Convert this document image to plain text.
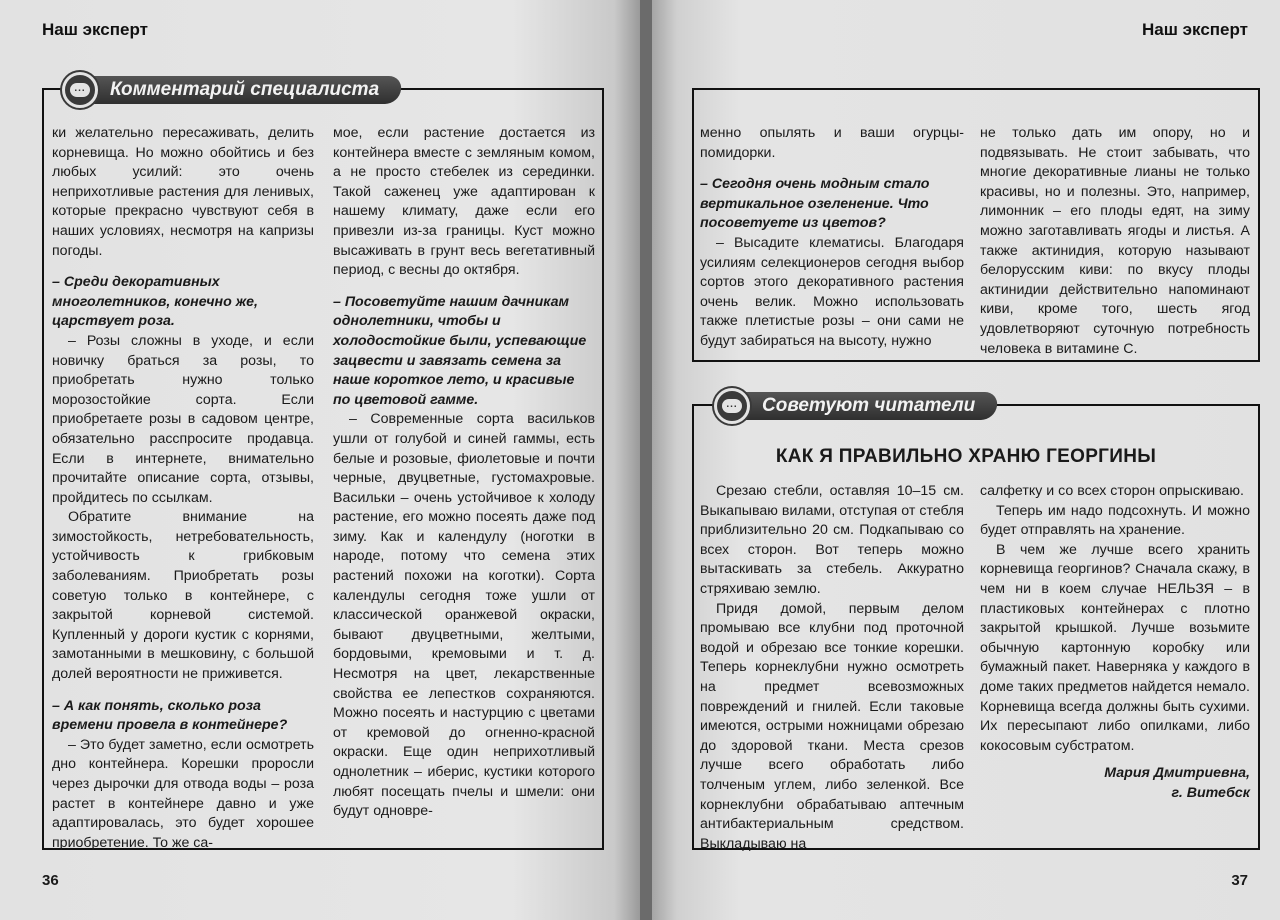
Наш эксперт
... Комментарий специалиста

ки желательно пересаживать, делить корневища. Но можно обойтись и без любых усилий: это очень неприхотливые растения для ленивых, которые прекрасно чувствуют себя в наших условиях, несмотря на капризы погоды.

– Среди декоративных многолетников, конечно же, царствует роза.

– Розы сложны в уходе, и если новичку браться за розы, то приобретать нужно только морозостойкие сорта. Если приобретаете розы в садовом центре, обязательно расспросите продавца. Если в интернете, внимательно прочитайте описание сорта, отзывы, пройдитесь по ссылкам.

Обратите внимание на зимостойкость, нетребовательность, устойчивость к грибковым заболеваниям. Приобретать розы советую только в контейнере, с закрытой корневой системой. Купленный у дороги кустик с корнями, замотанными в мешковину, с большой долей вероятности не приживется.

– А как понять, сколько роза времени провела в контейнере?

– Это будет заметно, если осмотреть дно контейнера. Корешки проросли через дырочки для отвода воды – роза растет в контейнере давно и уже адаптировалась, это будет хорошее приобретение. То же са-

мое, если растение достается из контейнера вместе с земляным комом, а не просто стебелек из серединки. Такой саженец уже адаптирован к нашему климату, даже если его привезли из-за границы. Куст можно высаживать в грунт весь вегетативный период, с весны до октября.

– Посоветуйте нашим дачникам однолетники, чтобы и холодостойкие были, успевающие зацвести и завязать семена за наше короткое лето, и красивые по цветовой гамме.

– Современные сорта васильков ушли от голубой и синей гаммы, есть белые и розовые, фиолетовые и почти черные, двуцветные, густомахровые. Васильки – очень устойчивое к холоду растение, его можно посеять даже под зиму. Как и календулу (ноготки в народе, потому что семена этих растений похожи на коготки). Сорта календулы сегодня тоже ушли от классической оранжевой окраски, бывают двуцветными, желтыми, бордовыми, кремовыми и т. д. Несмотря на цвет, лекарственные свойства ее лепестков сохраняются. Можно посеять и настурцию с цветами от кремовой до огненно-красной окраски. Еще один неприхотливый однолетник – иберис, кустики которого любят посещать пчелы и шмели: они будут одновре-

36
Наш эксперт

менно опылять и ваши огурцы-помидорки.

– Сегодня очень модным стало вертикальное озеленение. Что посоветуете из цветов?

– Высадите клематисы. Благодаря усилиям селекционеров сегодня выбор сортов этого декоративного растения очень велик. Можно использовать также плетистые розы – они сами не будут забираться на высоту, нужно

не только дать им опору, но и подвязывать. Не стоит забывать, что многие декоративные лианы не только красивы, но и полезны. Это, например, лимонник – его плоды едят, на зиму можно заготавливать ягоды и листья. А также актинидия, которую называют белорусским киви: по вкусу плоды актинидии действительно напоминают киви, кроме того, шесть ягод удовлетворяют суточную потребность человека в витамине С.

... Советуют читатели
КАК Я ПРАВИЛЬНО ХРАНЮ ГЕОРГИНЫ

Срезаю стебли, оставляя 10–15 см. Выкапываю вилами, отступая от стебля приблизительно 20 см. Подкапываю со всех сторон. Вот теперь можно вытаскивать за стебель. Аккуратно стряхиваю землю.

Придя домой, первым делом промываю все клубни под проточной водой и обрезаю все тонкие корешки. Теперь корнеклубни нужно осмотреть на предмет всевозможных повреждений и гнилей. Если таковые имеются, острыми ножницами обрезаю до здоровой ткани. Места срезов лучше всего обработать либо толченым углем, либо зеленкой. Все корнеклубни обрабатываю аптечным антибактериальным средством. Выкладываю на

салфетку и со всех сторон опрыскиваю.

Теперь им надо подсохнуть. И можно будет отправлять на хранение.

В чем же лучше всего хранить корневища георгинов? Сначала скажу, в чем ни в коем случае НЕЛЬЗЯ – в пластиковых контейнерах с плотно закрытой крышкой. Лучше возьмите обычную картонную коробку или бумажный пакет. Наверняка у каждого в доме таких предметов найдется немало. Корневища всегда должны быть сухими. Их пересыпают либо опилками, либо кокосовым субстратом.

Мария Дмитриевна,

г. Витебск

37
